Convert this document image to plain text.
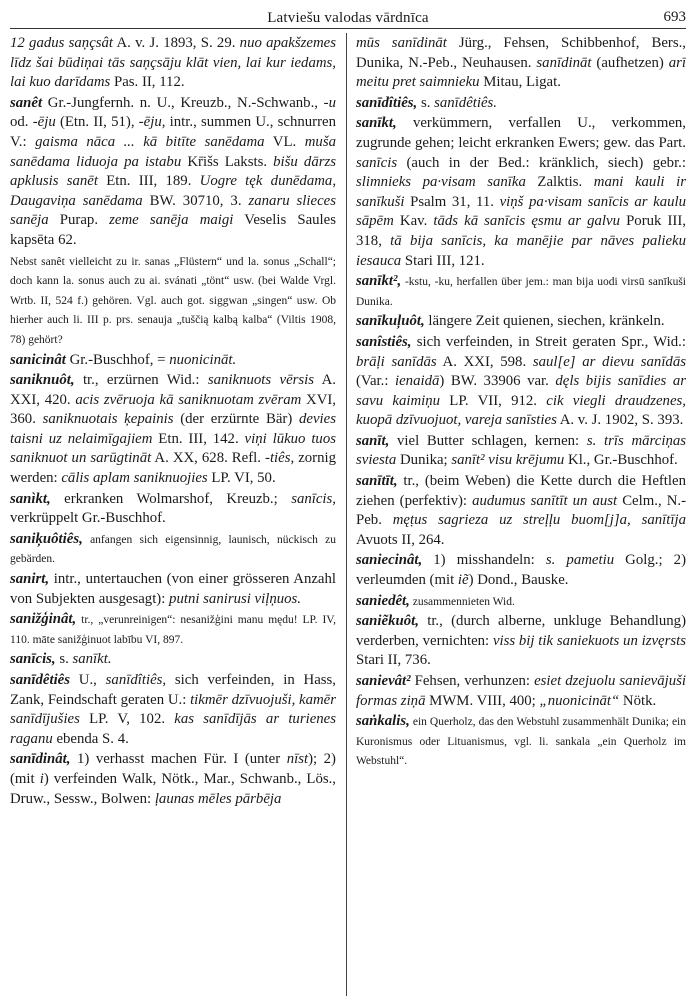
Latviešu valodas vārdnīca	693

12 gadus saņçsât A. v. J. 1893, S. 29. nuo apakšzemes līdz šai būdiņai tās saņçsāju klāt vien, lai kur iedams, lai kuo darīdams Pas. II, 112.

sanêt Gr.-Jungfernh. n. U., Kreuzb., N.-Schwanb., -u od. -ēju (Etn. II, 51), -ēju, intr., summen U., schnurren V.: gaisma nāca ... kā bitīte sanēdama VL. muša sanēdama liduoja pa istabu Kr̄išs Laksts. bišu dārzs apklusis sanēt Etn. III, 189. Uogre tęk dunēdama, Daugaviņa sanēdama BW. 30710, 3. zanaru slieces sanēja Purap. zeme sanēja maigi Veselis Saules kapsēta 62.

Nebst sanêt vielleicht zu ir. sanas „Flüstern“ und la. sonus „Schall“; doch kann la. sonus auch zu ai. svánati „tönt“ usw. (bei Walde Vrgl. Wrtb. II, 524 f.) gehören. Vgl. auch got. siggwan „singen“ usw. Ob hierher auch li. III p. prs. senauja „tuščią kalbą kalba“ (Viltis 1908, 78) gehört?

sanicinât Gr.-Buschhof, = nuonicināt.

saniknuôt, tr., erzürnen Wid.: saniknuots vērsis A. XXI, 420. acis zvēruoja kā saniknuotam zvēram XVI, 360. saniknuotais ķepainis (der erzürnte Bär) devies taisni uz nelaimīgajiem Etn. III, 142. viņi lūkuo tuos saniknuot un sarūgtināt A. XX, 628. Refl. -tiês, zornig werden: cālis aplam saniknuojies LP. VI, 50.

sanìkt, erkranken Wolmarshof, Kreuzb.; sanīcis, verkrüppelt Gr.-Buschhof.

saniķuôtiês, anfangen sich eigensinnig, launisch, nückisch zu gebärden.

sanirt, intr., untertauchen (von einer grösseren Anzahl von Subjekten ausgesagt): putni sanirusi viļņuos.

sanižģinât, tr., „verunreinigen“: nesanižģini manu mędu! LP. IV, 110. māte sanižģinuot labību VI, 897.

sanīcis, s. sanīkt.

sanīdêtiês U., sanīdîtiês, sich verfeinden, in Hass, Zank, Feindschaft geraten U.: tikmēr dzīvuojuši, kamēr sanīdījušies LP. V, 102. kas sanīdījās ar turienes raganu ebenda S. 4.

sanīdinât, 1) verhasst machen Für. I (unter nīst); 2) (mit i) verfeinden Walk, Nötk., Mar., Schwanb., Lös., Druw., Sessw., Bolwen: ļaunas mēles pārbēja

mūs sanīdināt Jürg., Fehsen, Schibbenhof, Bers., Dunika, N.-Peb., Neuhausen. sanīdināt (aufhetzen) arī meitu pret saimnieku Mitau, Ligat.

sanīdîtiês, s. sanīdêtiês.

sanīkt, verkümmern, verfallen U., verkommen, zugrunde gehen; leicht erkranken Ewers; gew. das Part. sanīcis (auch in der Bed.: kränklich, siech) gebr.: slimnieks pa·visam sanīka Zalktis. mani kauli ir sanīkuši Psalm 31, 11. viņš pa·visam sanīcis ar kaulu sāpēm Kav. tāds kā sanīcis ęsmu ar galvu Poruk III, 318, tā bija sanīcis, ka manējie par nāves palieku iesauca Stari III, 121.

sanīkt², -kstu, -ku, herfallen über jem.: man bija uodi virsū sanīkuši Dunika.

sanīkuļuôt, längere Zeit quienen, siechen, kränkeln.

sanîstiês, sich verfeinden, in Streit geraten Spr., Wid.: brāļi sanīdās A. XXI, 598. saul[e] ar dievu sanīdās (Var.: ienaidā) BW. 33906 var. dęls bijis sanīdies ar savu kaimiņu LP. VII, 912. cik viegli draudzenes, kuopā dzīvuojuot, vareja sanīsties A. v. J. 1902, S. 393.

sanīt, viel Butter schlagen, kernen: s. trīs mārciņas sviesta Dunika; sanīt² visu krējumu Kl., Gr.-Buschhof.

sanītīt, tr., (beim Weben) die Kette durch die Heftlen ziehen (perfektiv): audumus sanītīt un aust Celm., N.-Peb. męṭus sagrieza uz streļļu buom[j]a, sanītīja Avuots II, 264.

saniecinât, 1) misshandeln: s. pametiu Golg.; 2) verleumden (mit iẽ) Dond., Bauske.

saniedêt, zusammennieten Wid.

saniẽkuôt, tr., (durch alberne, unkluge Behandlung) verderben, vernichten: viss bij tik saniekuots un izvęrsts Stari II, 736.

sanievât² Fehsen, verhunzen: esiet dzejuolu sanievājuši formas ziņā MWM. VIII, 400; „nuonicināt“ Nötk.

saṅkalis, ein Querholz, das den Webstuhl zusammenhält Dunika; ein Kuronismus oder Lituanismus, vgl. li. sankala „ein Querholz im Webstuhl“.
